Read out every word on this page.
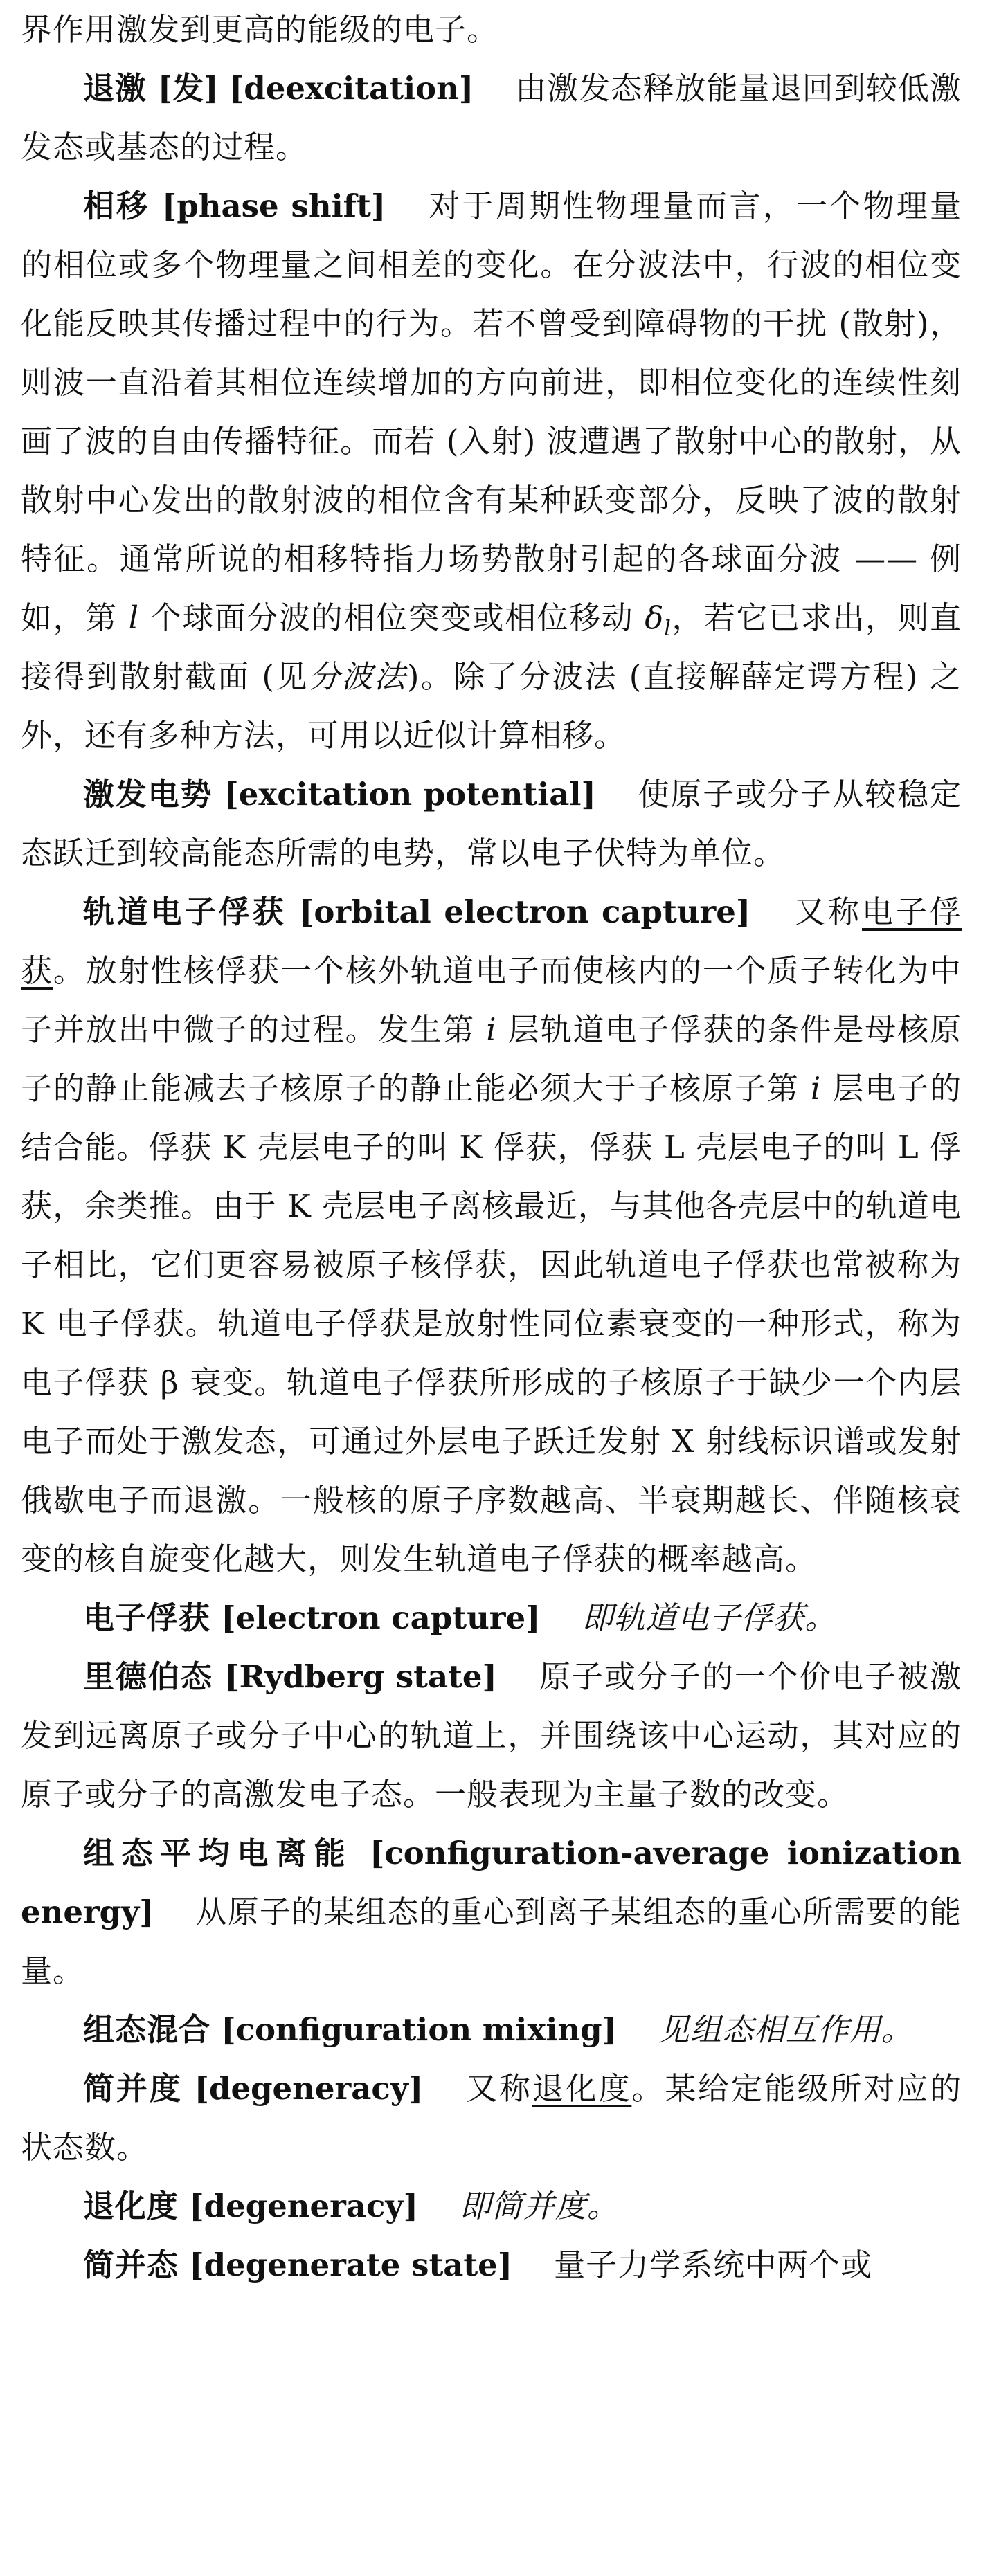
界作用激发到更高的能级的电子。

退激 [发] [deexcitation] 由激发态释放能量退回到较低激发态或基态的过程。

相移 [phase shift] 对于周期性物理量而言，一个物理量的相位或多个物理量之间相差的变化。在分波法中，行波的相位变化能反映其传播过程中的行为。若不曾受到障碍物的干扰 (散射)，则波一直沿着其相位连续增加的方向前进，即相位变化的连续性刻画了波的自由传播特征。而若 (入射) 波遭遇了散射中心的散射，从散射中心发出的散射波的相位含有某种跃变部分，反映了波的散射特征。通常所说的相移特指力场势散射引起的各球面分波 —— 例如，第 l 个球面分波的相位突变或相位移动 $\delta_l$，若它已求出，则直接得到散射截面 (见分波法)。除了分波法 (直接解薛定谔方程) 之外，还有多种方法，可用以近似计算相移。

激发电势 [excitation potential] 使原子或分子从较稳定态跃迁到较高能态所需的电势，常以电子伏特为单位。

轨道电子俘获 [orbital electron capture] 又称电子俘获。放射性核俘获一个核外轨道电子而使核内的一个质子转化为中子并放出中微子的过程。发生第 i 层轨道电子俘获的条件是母核原子的静止能减去子核原子的静止能必须大于子核原子第 i 层电子的结合能。俘获 K 壳层电子的叫 K 俘获，俘获 L 壳层电子的叫 L 俘获，余类推。由于 K 壳层电子离核最近，与其他各壳层中的轨道电子相比，它们更容易被原子核俘获，因此轨道电子俘获也常被称为 K 电子俘获。轨道电子俘获是放射性同位素衰变的一种形式，称为电子俘获 β 衰变。轨道电子俘获所形成的子核原子于缺少一个内层电子而处于激发态，可通过外层电子跃迁发射 X 射线标识谱或发射俄歇电子而退激。一般核的原子序数越高、半衰期越长、伴随核衰变的核自旋变化越大，则发生轨道电子俘获的概率越高。

电子俘获 [electron capture] 即轨道电子俘获。

里德伯态 [Rydberg state] 原子或分子的一个价电子被激发到远离原子或分子中心的轨道上，并围绕该中心运动，其对应的原子或分子的高激发电子态。一般表现为主量子数的改变。

组态平均电离能 [configuration-average ionization energy] 从原子的某组态的重心到离子某组态的重心所需要的能量。

组态混合 [configuration mixing] 见组态相互作用。

简并度 [degeneracy] 又称退化度。某给定能级所对应的状态数。

退化度 [degeneracy] 即简并度。

简并态 [degenerate state] 量子力学系统中两个或
